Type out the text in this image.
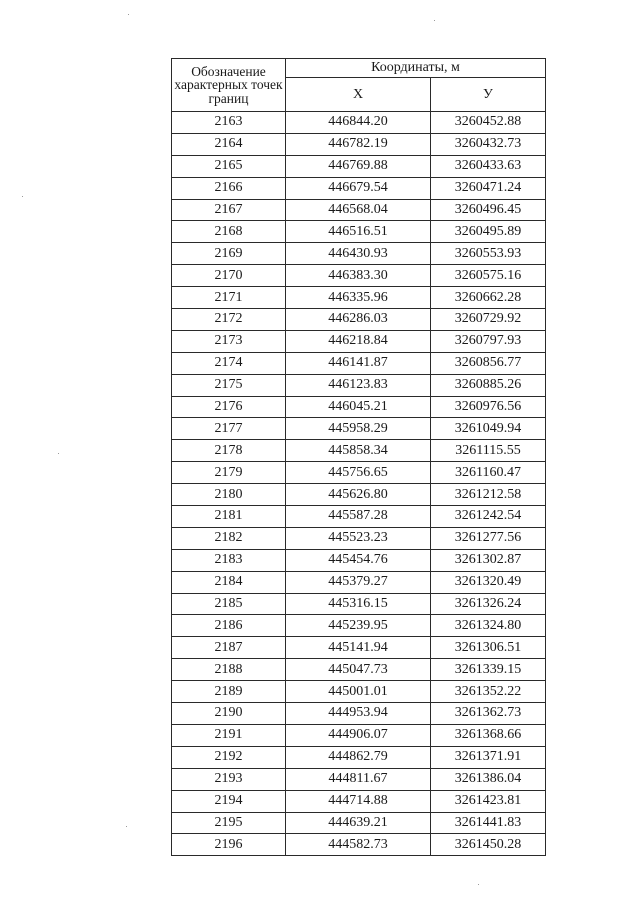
Обозначение характерных точек границ	Координаты, м	
	X	У
2163	446844.20	3260452.88
2164	446782.19	3260432.73
2165	446769.88	3260433.63
2166	446679.54	3260471.24
2167	446568.04	3260496.45
2168	446516.51	3260495.89
2169	446430.93	3260553.93
2170	446383.30	3260575.16
2171	446335.96	3260662.28
2172	446286.03	3260729.92
2173	446218.84	3260797.93
2174	446141.87	3260856.77
2175	446123.83	3260885.26
2176	446045.21	3260976.56
2177	445958.29	3261049.94
2178	445858.34	3261115.55
2179	445756.65	3261160.47
2180	445626.80	3261212.58
2181	445587.28	3261242.54
2182	445523.23	3261277.56
2183	445454.76	3261302.87
2184	445379.27	3261320.49
2185	445316.15	3261326.24
2186	445239.95	3261324.80
2187	445141.94	3261306.51
2188	445047.73	3261339.15
2189	445001.01	3261352.22
2190	444953.94	3261362.73
2191	444906.07	3261368.66
2192	444862.79	3261371.91
2193	444811.67	3261386.04
2194	444714.88	3261423.81
2195	444639.21	3261441.83
2196	444582.73	3261450.28
